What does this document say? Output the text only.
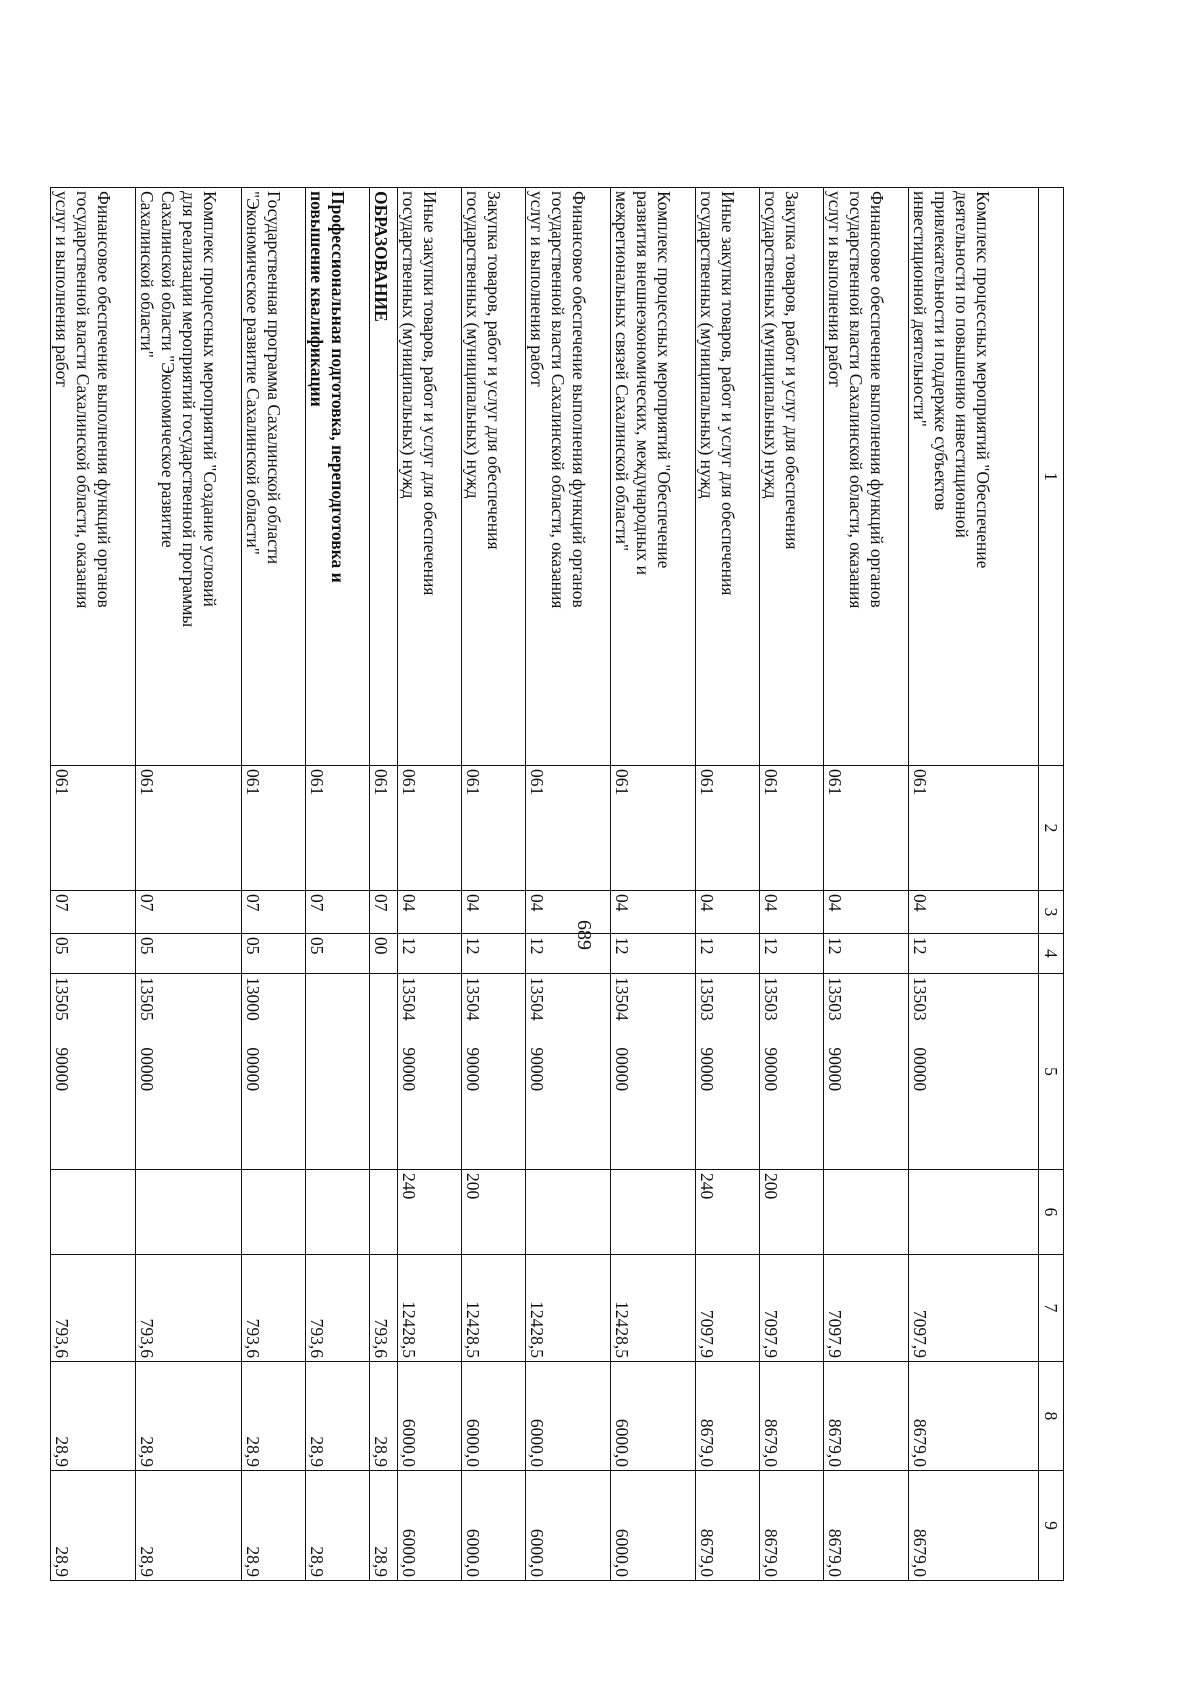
689
1	2	3	4	5	6	7	8	9
Комплекс процессных мероприятий "Обеспечение
деятельности по повышению инвестиционной
привлекательности и поддержке субъектов
инвестиционной деятельности"	061	04	12	13503 00000		7097,9	8679,0	8679,0
Финансовое обеспечение выполнения функций органов
государственной власти Сахалинской области, оказания
услуг и выполнения работ	061	04	12	13503 90000		7097,9	8679,0	8679,0
Закупка товаров, работ и услуг для обеспечения
государственных (муниципальных) нужд	061	04	12	13503 90000	200	7097,9	8679,0	8679,0
Иные закупки товаров, работ и услуг для обеспечения
государственных (муниципальных) нужд	061	04	12	13503 90000	240	7097,9	8679,0	8679,0
Комплекс процессных мероприятий "Обеспечение
развития внешнеэкономических, международных и
межрегиональных связей Сахалинской области"	061	04	12	13504 00000		12428,5	6000,0	6000,0
Финансовое обеспечение выполнения функций органов
государственной власти Сахалинской области, оказания
услуг и выполнения работ	061	04	12	13504 90000		12428,5	6000,0	6000,0
Закупка товаров, работ и услуг для обеспечения
государственных (муниципальных) нужд	061	04	12	13504 90000	200	12428,5	6000,0	6000,0
Иные закупки товаров, работ и услуг для обеспечения
государственных (муниципальных) нужд	061	04	12	13504 90000	240	12428,5	6000,0	6000,0
ОБРАЗОВАНИЕ	061	07	00			793,6	28,9	28,9
Профессиональная подготовка, переподготовка и
повышение квалификации	061	07	05			793,6	28,9	28,9
Государственная программа Сахалинской области
"Экономическое развитие Сахалинской области"	061	07	05	13000 00000		793,6	28,9	28,9
Комплекс процессных мероприятий "Создание условий
для реализации мероприятий государственной программы
Сахалинской области "Экономическое развитие
Сахалинской области"	061	07	05	13505 00000		793,6	28,9	28,9
Финансовое обеспечение выполнения функций органов
государственной власти Сахалинской области, оказания
услуг и выполнения работ	061	07	05	13505 90000		793,6	28,9	28,9
